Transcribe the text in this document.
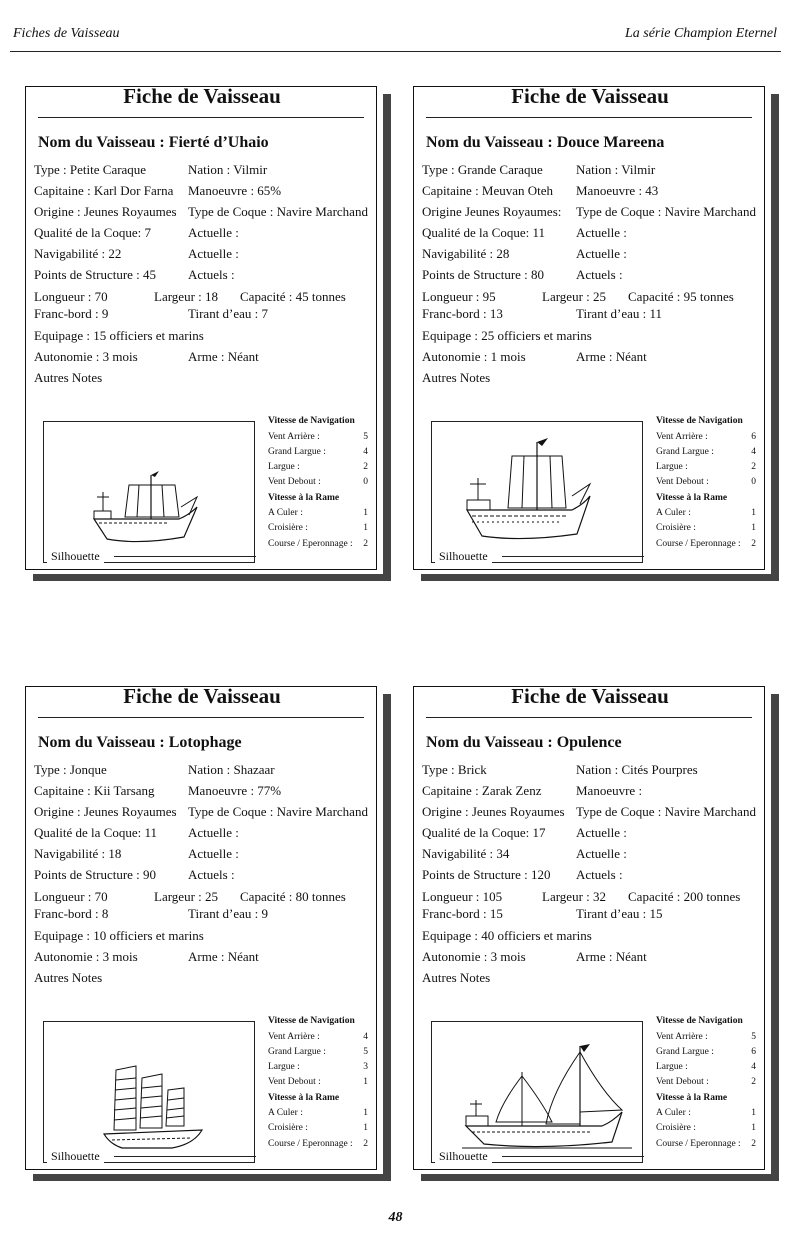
Fiches de Vaisseau	La série Champion Eternel
Fiche de Vaisseau
Nom du Vaisseau : Fierté d’Uhaio
Type : Petite Caraque	Nation : Vilmir
Capitaine : Karl Dor Farna Manoeuvre : 65%
Origine : Jeunes Royaumes Type de Coque : Navire Marchand
Qualité de la Coque: 7	Actuelle :
Navigabilité : 22	Actuelle :
Points de Structure : 45 Actuels :
Longueur : 70	Largeur : 18 Capacité : 45 tonnes
Franc-bord : 9	Tirant d’eau : 7
Equipage : 15 officiers et marins
Autonomie : 3 mois	Arme : Néant
Autres Notes
Silhouette
Vitesse de Navigation
Vent Arrière :	5
Grand Largue :	4
Largue :	2
Vent Debout :	0
Vitesse à la Rame
A Culer :	1
Croisière :	1
Course / Eperonnage :	2
Fiche de Vaisseau
Nom du Vaisseau : Douce Mareena
Type : Grande Caraque	Nation : Vilmir
Capitaine : Meuvan Oteh Manoeuvre : 43
Origine Jeunes Royaumes: Type de Coque : Navire Marchand
Qualité de la Coque: 11 Actuelle :
Navigabilité : 28	Actuelle :
Points de Structure : 80 Actuels :
Longueur : 95	Largeur : 25 Capacité : 95 tonnes
Franc-bord : 13	Tirant d’eau : 11
Equipage : 25 officiers et marins
Autonomie : 1 mois	Arme : Néant
Autres Notes
Silhouette
Vitesse de Navigation
Vent Arrière :	6
Grand Largue :	4
Largue :	2
Vent Debout :	0
Vitesse à la Rame
A Culer :	1
Croisière :	1
Course / Eperonnage :	2
Fiche de Vaisseau
Nom du Vaisseau : Lotophage
Type : Jonque	Nation : Shazaar
Capitaine : Kii Tarsang	Manoeuvre : 77%
Origine : Jeunes Royaumes Type de Coque : Navire Marchand
Qualité de la Coque: 11 Actuelle :
Navigabilité : 18	Actuelle :
Points de Structure : 90 Actuels :
Longueur : 70	Largeur : 25 Capacité : 80 tonnes
Franc-bord : 8	Tirant d’eau : 9
Equipage : 10 officiers et marins
Autonomie : 3 mois	Arme : Néant
Autres Notes
Silhouette
Vitesse de Navigation
Vent Arrière :	4
Grand Largue :	5
Largue :	3
Vent Debout :	1
Vitesse à la Rame
A Culer :	1
Croisière :	1
Course / Eperonnage :	2
Fiche de Vaisseau
Nom du Vaisseau : Opulence
Type : Brick	Nation : Cités Pourpres
Capitaine : Zarak Zenz	Manoeuvre :
Origine : Jeunes Royaumes Type de Coque : Navire Marchand
Qualité de la Coque: 17 Actuelle :
Navigabilité : 34	Actuelle :
Points de Structure : 120 Actuels :
Longueur : 105	Largeur : 32 Capacité : 200 tonnes
Franc-bord : 15	Tirant d’eau : 15
Equipage : 40 officiers et marins
Autonomie : 3 mois	Arme : Néant
Autres Notes
Silhouette
Vitesse de Navigation
Vent Arrière :	5
Grand Largue :	6
Largue :	4
Vent Debout :	2
Vitesse à la Rame
A Culer :	1
Croisière :	1
Course / Eperonnage :	2
48
